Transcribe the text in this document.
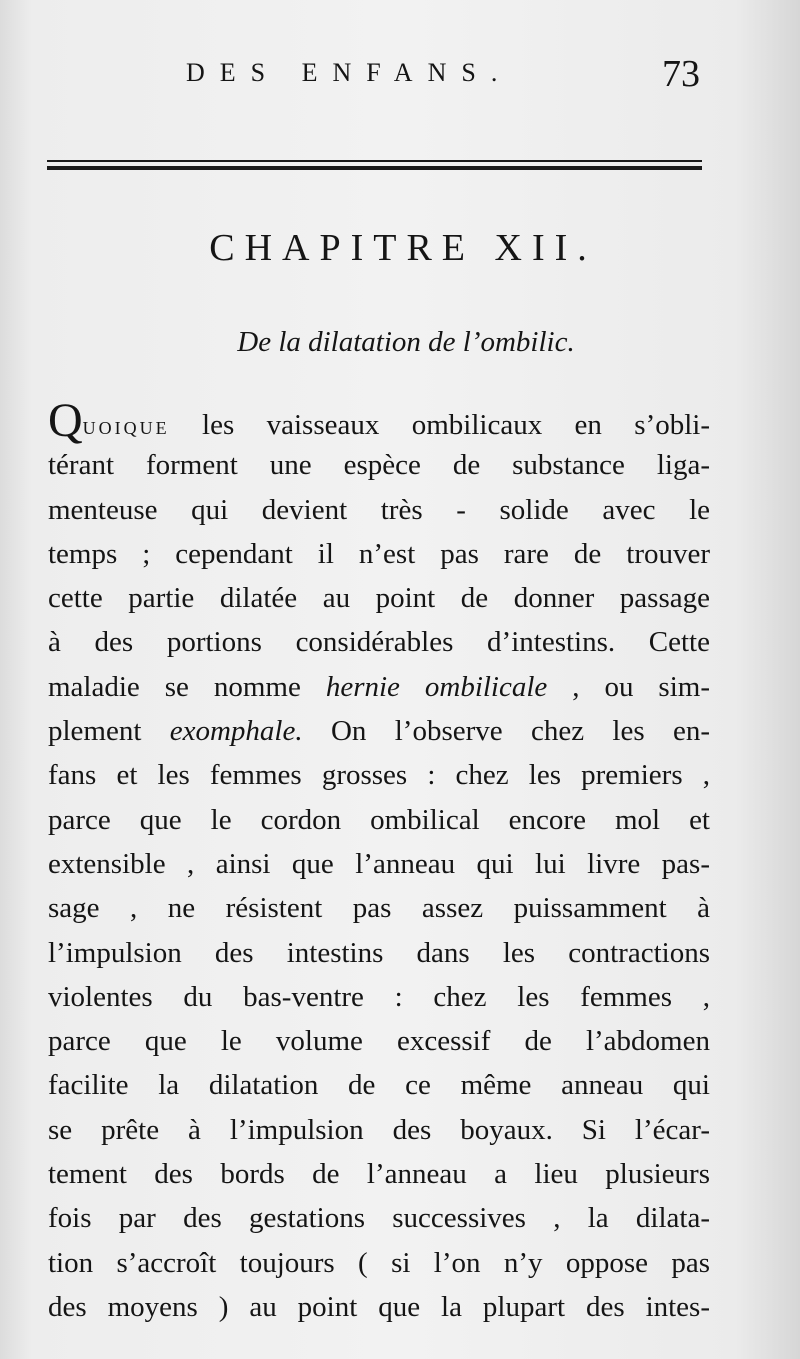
DES ENFANS.	73
CHAPITRE XII.
De la dilatation de l’ombilic.
Quoique les vaisseaux ombilicaux en s’obli-
térant forment une espèce de substance liga-
menteuse qui devient très - solide avec le
temps ; cependant il n’est pas rare de trouver
cette partie dilatée au point de donner passage
à des portions considérables d’intestins. Cette
maladie se nomme hernie ombilicale , ou sim-
plement exomphale. On l’observe chez les en-
fans et les femmes grosses : chez les premiers ,
parce que le cordon ombilical encore mol et
extensible , ainsi que l’anneau qui lui livre pas-
sage , ne résistent pas assez puissamment à
l’impulsion des intestins dans les contractions
violentes du bas-ventre : chez les femmes ,
parce que le volume excessif de l’abdomen
facilite la dilatation de ce même anneau qui
se prête à l’impulsion des boyaux. Si l’écar-
tement des bords de l’anneau a lieu plusieurs
fois par des gestations successives , la dilata-
tion s’accroît toujours ( si l’on n’y oppose pas
des moyens ) au point que la plupart des intes-
